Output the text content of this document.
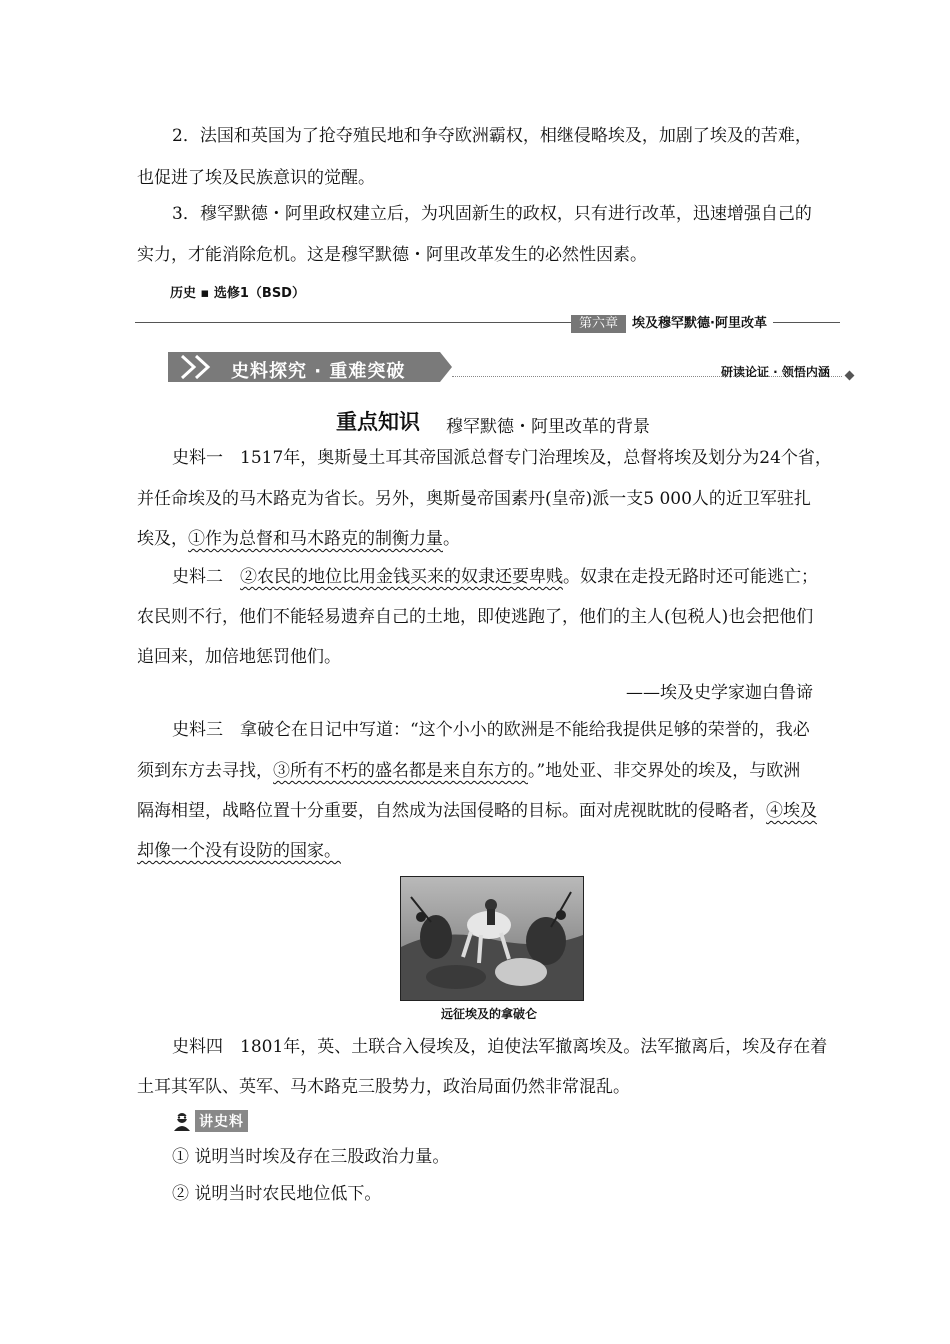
2．法国和英国为了抢夺殖民地和争夺欧洲霸权，相继侵略埃及，加剧了埃及的苦难，
也促进了埃及民族意识的觉醒。
3．穆罕默德・阿里政权建立后，为巩固新生的政权，只有进行改革，迅速增强自己的
实力，才能消除危机。这是穆罕默德・阿里改革发生的必然性因素。
历史 ▪ 选修1（BSD）
第六章	埃及穆罕默德·阿里改革
史料探究 · 重难突破	研读论证 · 领悟内涵
重点知识 穆罕默德・阿里改革的背景
史料一　1517年，奥斯曼土耳其帝国派总督专门治理埃及，总督将埃及划分为24个省，
并任命埃及的马木路克为省长。另外，奥斯曼帝国素丹(皇帝)派一支5 000人的近卫军驻扎
埃及，①作为总督和马木路克的制衡力量。
史料二　②农民的地位比用金钱买来的奴隶还要卑贱。奴隶在走投无路时还可能逃亡；
农民则不行，他们不能轻易遗弃自己的土地，即使逃跑了，他们的主人(包税人)也会把他们
追回来，加倍地惩罚他们。
——埃及史学家迦白鲁谛
史料三　拿破仑在日记中写道：“这个小小的欧洲是不能给我提供足够的荣誉的，我必
须到东方去寻找，③所有不朽的盛名都是来自东方的。”地处亚、非交界处的埃及，与欧洲
隔海相望，战略位置十分重要，自然成为法国侵略的目标。面对虎视眈眈的侵略者，④埃及
却像一个没有设防的国家。
远征埃及的拿破仑
史料四　1801年，英、土联合入侵埃及，迫使法军撤离埃及。法军撤离后，埃及存在着
土耳其军队、英军、马木路克三股势力，政治局面仍然非常混乱。
讲史料
① 说明当时埃及存在三股政治力量。
② 说明当时农民地位低下。
